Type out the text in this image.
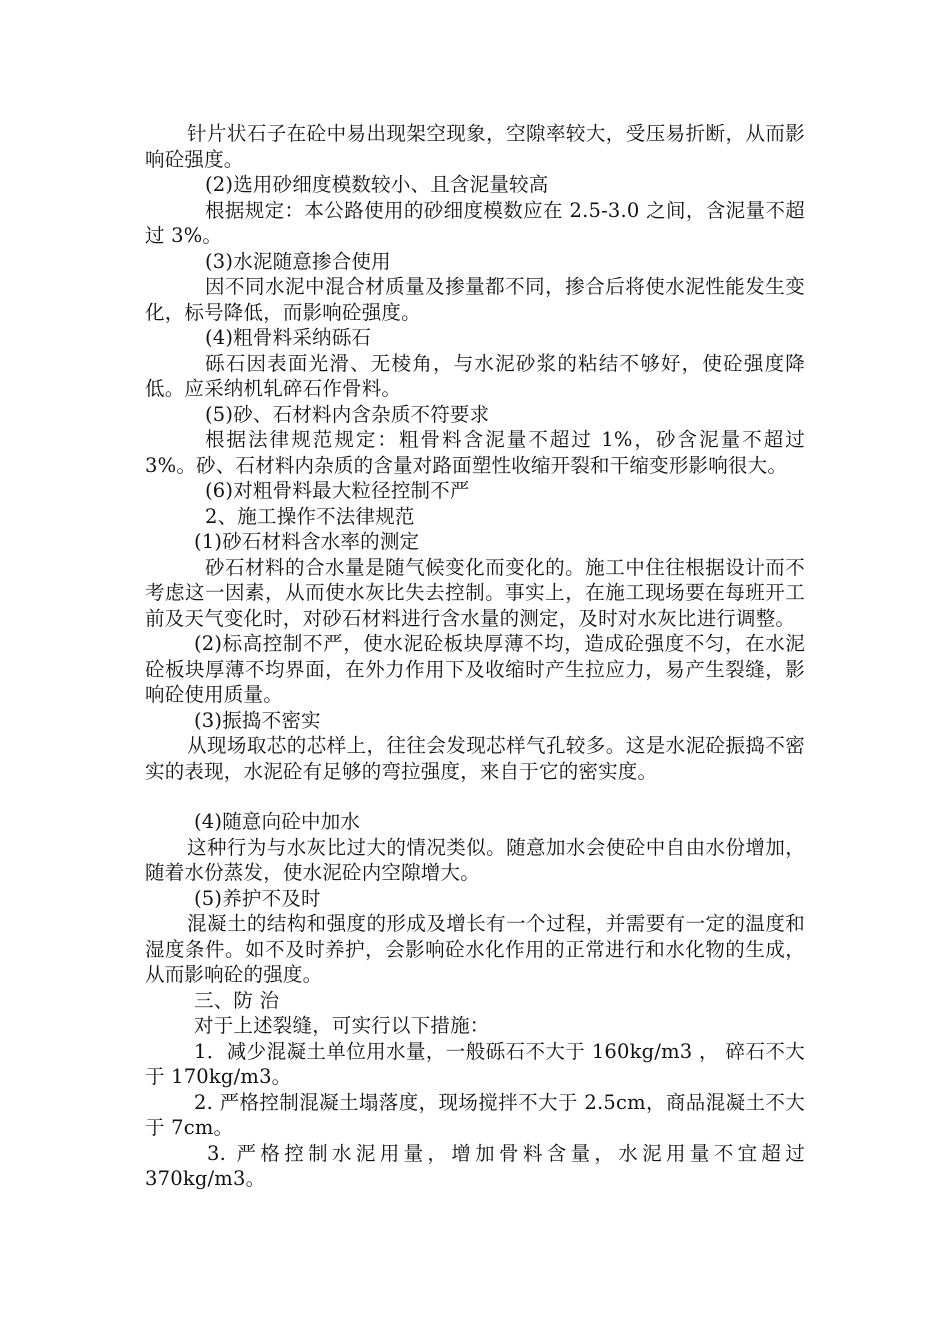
针片状石子在砼中易出现架空现象，空隙率较大，受压易折断，从而影响砼强度。

(2)选用砂细度模数较小、且含泥量较高

根据规定：本公路使用的砂细度模数应在 2.5-3.0 之间，含泥量不超过 3%。

(3)水泥随意掺合使用

因不同水泥中混合材质量及掺量都不同，掺合后将使水泥性能发生变化，标号降低，而影响砼强度。

(4)粗骨料采纳砾石

砾石因表面光滑、无棱角，与水泥砂浆的粘结不够好，使砼强度降低。应采纳机轧碎石作骨料。

(5)砂、石材料内含杂质不符要求

根据法律规范规定：粗骨料含泥量不超过 1%，砂含泥量不超过 3%。砂、石材料内杂质的含量对路面塑性收缩开裂和干缩变形影响很大。

(6)对粗骨料最大粒径控制不严

2、施工操作不法律规范

(1)砂石材料含水率的测定

砂石材料的合水量是随气候变化而变化的。施工中住往根据设计而不考虑这一因素，从而使水灰比失去控制。事实上，在施工现场要在每班开工前及天气变化时，对砂石材料进行含水量的测定，及时对水灰比进行调整。

(2)标高控制不严，使水泥砼板块厚薄不均，造成砼强度不匀，在水泥砼板块厚薄不均界面，在外力作用下及收缩时产生拉应力，易产生裂缝，影响砼使用质量。

(3)振捣不密实

从现场取芯的芯样上，往往会发现芯样气孔较多。这是水泥砼振捣不密实的表现，水泥砼有足够的弯拉强度，来自于它的密实度。

(4)随意向砼中加水

这种行为与水灰比过大的情况类似。随意加水会使砼中自由水份增加，随着水份蒸发，使水泥砼内空隙增大。

(5)养护不及时

混凝土的结构和强度的形成及增长有一个过程，并需要有一定的温度和湿度条件。如不及时养护，会影响砼水化作用的正常进行和水化物的生成，从而影响砼的强度。

三、防 治

对于上述裂缝，可实行以下措施：

1．减少混凝土单位用水量，一般砾石不大于 160kg/m3 ， 碎石不大于 170kg/m3。

2. 严格控制混凝土塌落度，现场搅拌不大于 2.5cm，商品混凝土不大于 7cm。

3. 严格控制水泥用量，增加骨料含量，水泥用量不宜超过 370kg/m3。
